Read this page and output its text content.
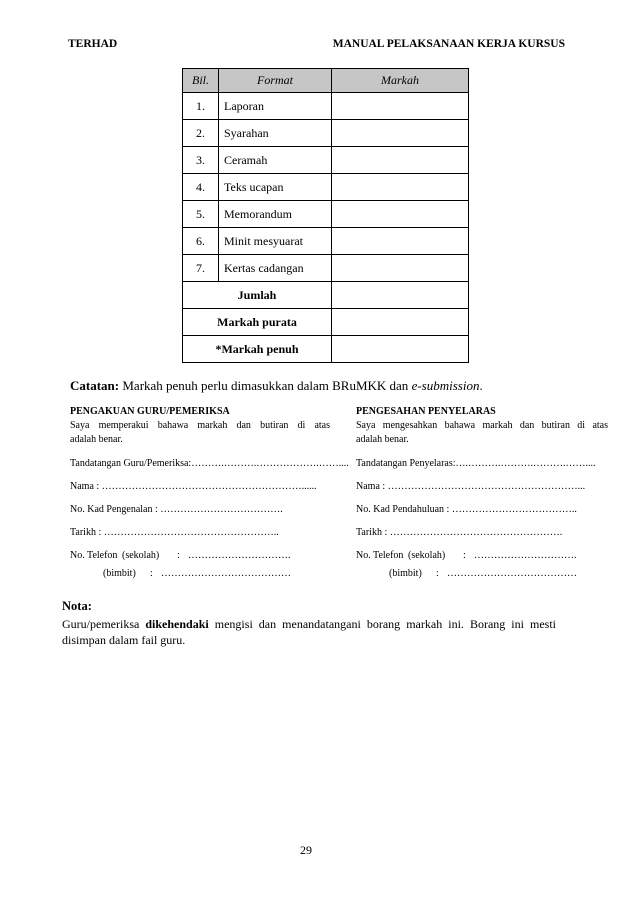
TERHAD	MANUAL PELAKSANAAN KERJA KURSUS
Bil.	Format	Markah
1.	Laporan	
2.	Syarahan	
3.	Ceramah	
4.	Teks ucapan	
5.	Memorandum	
6.	Minit mesyuarat	
7.	Kertas cadangan	
Jumlah		
Markah purata		
*Markah penuh		
Catatan: Markah penuh perlu dimasukkan dalam BRuMKK dan e-submission.
PENGAKUAN GURU/PEMERIKSA
Saya memperakui bahawa markah dan butiran di atas
adalah benar.
Tandatangan Guru/Pemeriksa:……….……….……………….……....
Nama : ……………………………………………………......
No. Kad Pengenalan : ……………………………….
Tarikh : ……………………………………………..
No. Telefon (sekolah) : ………………………….
(bimbit) : …………………………………
PENGESAHAN PENYELARAS
Saya mengesahkan bahawa markah dan butiran di atas
adalah benar.
Tandatangan Penyelaras:….……….……….……….……....
Nama : …………………………………………………...
No. Kad Pendahuluan : ………………………………..
Tarikh : …………………………………………….
No. Telefon (sekolah) : ………………………….
(bimbit) : …………………………………
Nota:
Guru/pemeriksa dikehendaki mengisi dan menandatangani borang markah ini. Borang ini mesti
disimpan dalam fail guru.
29
